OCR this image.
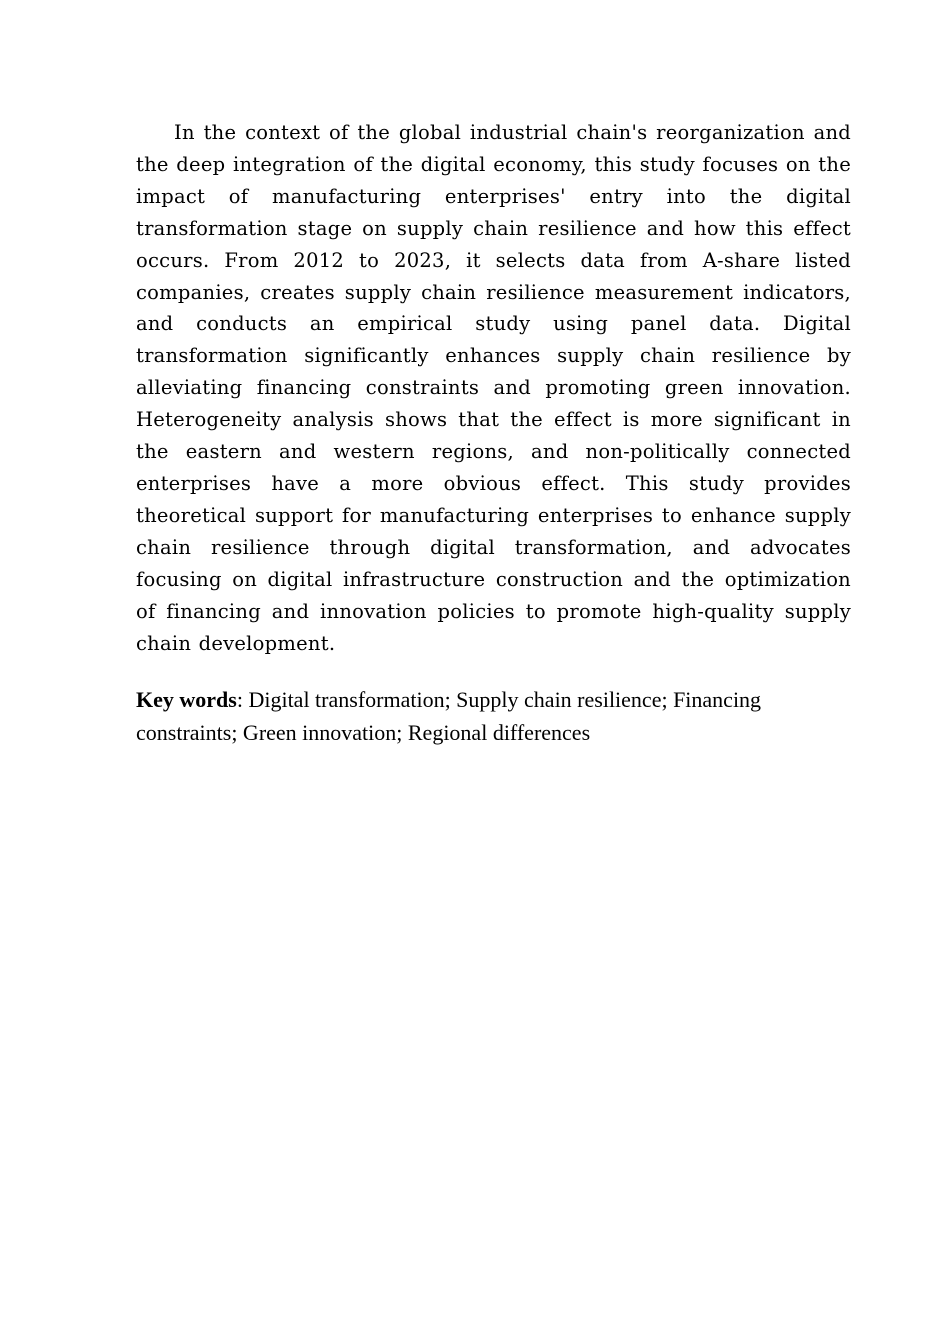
In the context of the global industrial chain's reorganization and the deep integration of the digital economy, this study focuses on the impact of manufacturing enterprises' entry into the digital transformation stage on supply chain resilience and how this effect occurs. From 2012 to 2023, it selects data from A-share listed companies, creates supply chain resilience measurement indicators, and conducts an empirical study using panel data. Digital transformation significantly enhances supply chain resilience by alleviating financing constraints and promoting green innovation. Heterogeneity analysis shows that the effect is more significant in the eastern and western regions, and non-politically connected enterprises have a more obvious effect. This study provides theoretical support for manufacturing enterprises to enhance supply chain resilience through digital transformation, and advocates focusing on digital infrastructure construction and the optimization of financing and innovation policies to promote high-quality supply chain development.

Key words: Digital transformation; Supply chain resilience; Financing constraints; Green innovation; Regional differences
